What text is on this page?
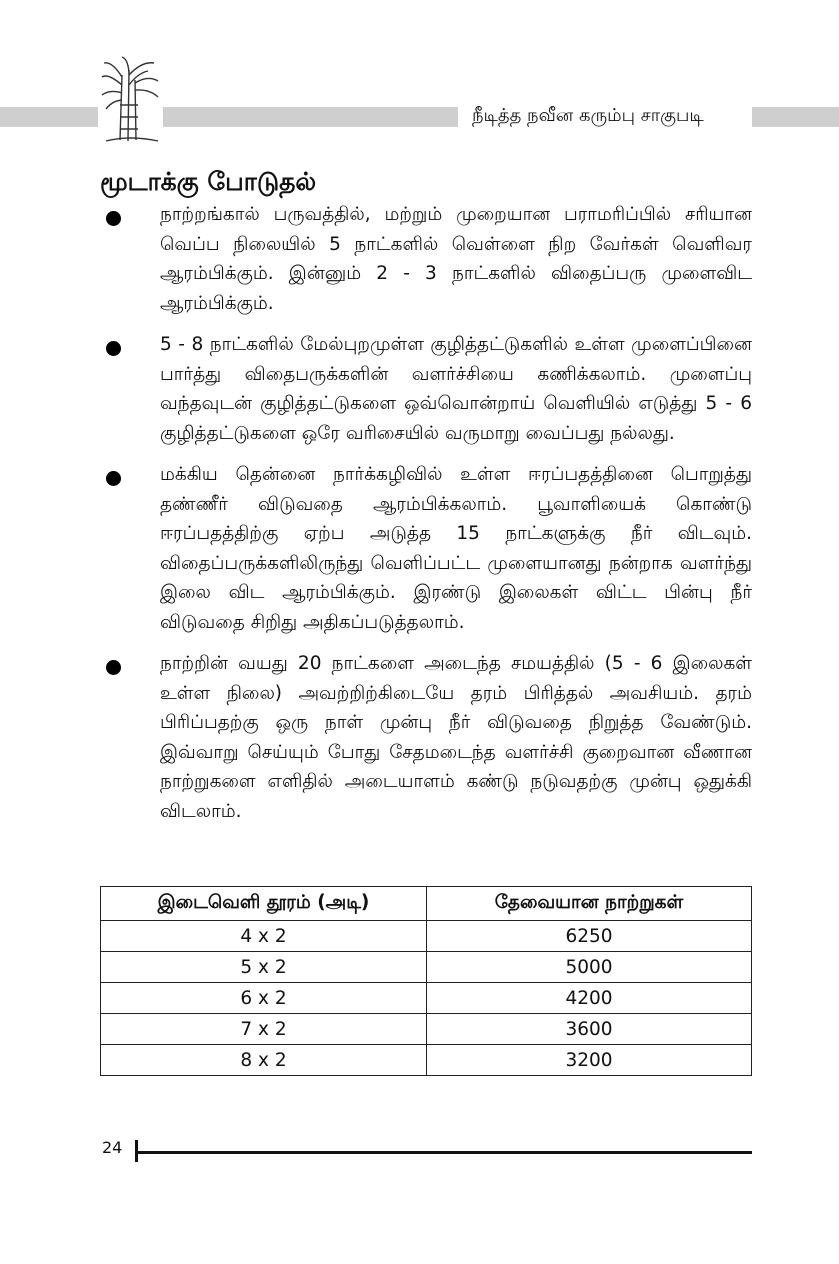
நீடித்த நவீன கரும்பு சாகுபடி
மூடாக்கு போடுதல்
நாற்றங்கால் பருவத்தில், மற்றும் முறையான பராமரிப்பில் சரியான வெப்ப நிலையில் 5 நாட்களில் வெள்ளை நிற வேர்கள் வெளிவர ஆரம்பிக்கும். இன்னும் 2 - 3 நாட்களில் விதைப்பரு முளைவிட ஆரம்பிக்கும்.
5 - 8 நாட்களில் மேல்புறமுள்ள குழித்தட்டுகளில் உள்ள முளைப்பினை பார்த்து விதைபருக்களின் வளர்ச்சியை கணிக்கலாம். முளைப்பு வந்தவுடன் குழித்தட்டுகளை ஒவ்வொன்றாய் வெளியில் எடுத்து 5 - 6 குழித்தட்டுகளை ஒரே வரிசையில் வருமாறு வைப்பது நல்லது.
மக்கிய தென்னை நார்க்கழிவில் உள்ள ஈரப்பதத்தினை பொறுத்து தண்ணீர் விடுவதை ஆரம்பிக்கலாம். பூவாளியைக் கொண்டு ஈரப்பதத்திற்கு ஏற்ப அடுத்த 15 நாட்களுக்கு நீர் விடவும். விதைப்பருக்களிலிருந்து வெளிப்பட்ட முளையானது நன்றாக வளர்ந்து இலை விட ஆரம்பிக்கும். இரண்டு இலைகள் விட்ட பின்பு நீர் விடுவதை சிறிது அதிகப்படுத்தலாம்.
நாற்றின் வயது 20 நாட்களை அடைந்த சமயத்தில் (5 - 6 இலைகள் உள்ள நிலை) அவற்றிற்கிடையே தரம் பிரித்தல் அவசியம். தரம் பிரிப்பதற்கு ஒரு நாள் முன்பு நீர் விடுவதை நிறுத்த வேண்டும். இவ்வாறு செய்யும் போது சேதமடைந்த வளர்ச்சி குறைவான வீணான நாற்றுகளை எளிதில் அடையாளம் கண்டு நடுவதற்கு முன்பு ஒதுக்கி விடலாம்.
இடைவெளி தூரம் (அடி)	தேவையான நாற்றுகள்
4 x 2	6250
5 x 2	5000
6 x 2	4200
7 x 2	3600
8 x 2	3200
24
